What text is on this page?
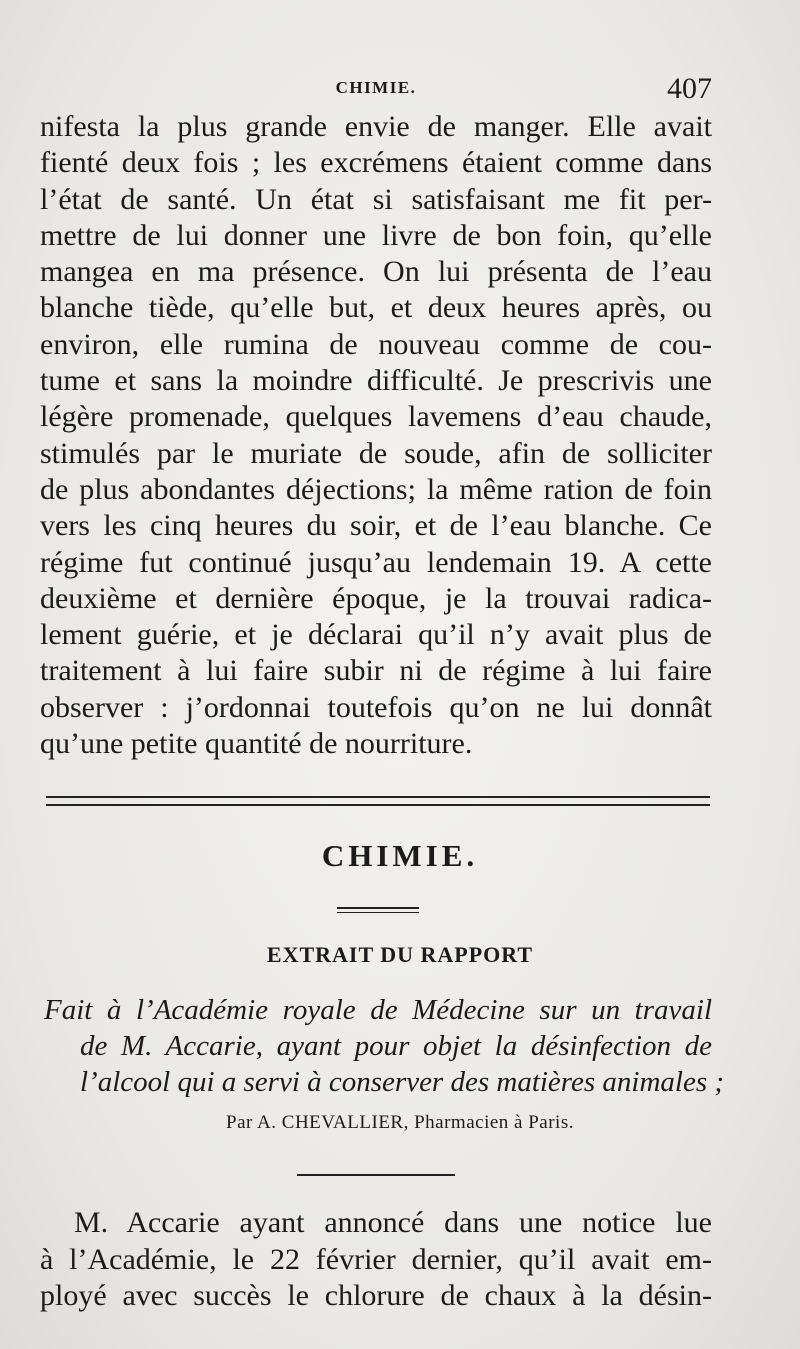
CHIMIE.	407

nifesta la plus grande envie de manger. Elle avait
fienté deux fois ; les excrémens étaient comme dans
l’état de santé. Un état si satisfaisant me fit per-
mettre de lui donner une livre de bon foin, qu’elle
mangea en ma présence. On lui présenta de l’eau
blanche tiède, qu’elle but, et deux heures après, ou
environ, elle rumina de nouveau comme de cou-
tume et sans la moindre difficulté. Je prescrivis une
légère promenade, quelques lavemens d’eau chaude,
stimulés par le muriate de soude, afin de solliciter
de plus abondantes déjections; la même ration de foin
vers les cinq heures du soir, et de l’eau blanche. Ce
régime fut continué jusqu’au lendemain 19. A cette
deuxième et dernière époque, je la trouvai radica-
lement guérie, et je déclarai qu’il n’y avait plus de
traitement à lui faire subir ni de régime à lui faire
observer : j’ordonnai toutefois qu’on ne lui donnât
qu’une petite quantité de nourriture.

CHIMIE.
EXTRAIT DU RAPPORT
Fait à l’Académie royale de Médecine sur un travail
de M. Accarie, ayant pour objet la désinfection de
l’alcool qui a servi à conserver des matières animales ;
Par A. CHEVALLIER, Pharmacien à Paris.

M. Accarie ayant annoncé dans une notice lue
à l’Académie, le 22 février dernier, qu’il avait em-
ployé avec succès le chlorure de chaux à la désin-
